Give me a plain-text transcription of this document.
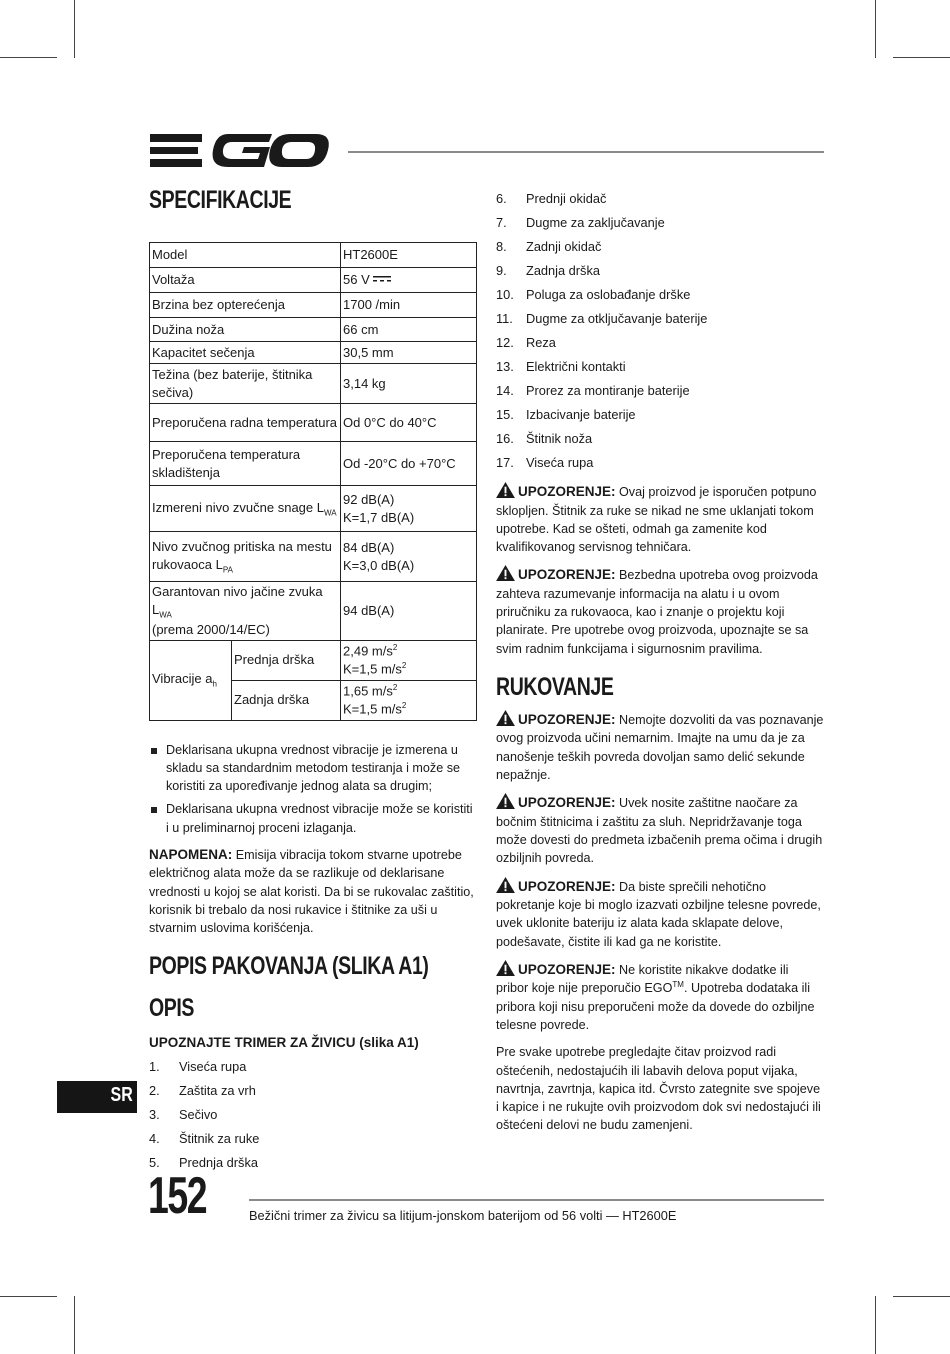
SPECIFIKACIJE
Model		HT2600E
Voltaža		56 V
Brzina bez opterećenja		1700 /min
Dužina noža		66 cm
Kapacitet sečenja		30,5 mm
Težina (bez baterije, štitnika sečiva)		3,14 kg
Preporučena radna temperatura		Od 0°C do 40°C
Preporučena temperatura skladištenja		Od -20°C do +70°C
Izmereni nivo zvučne snage $L_{WA}$		92 dB(A)
K=1,7 dB(A)

Nivo zvučnog pritiska na mestu rukovaoca $L_{PA}$		84 dB(A)
K=3,0 dB(A)

Garantovan nivo jačine zvuka $L_{WA}$
(prema 2000/14/EC)		94 dB(A)
Vibracije $a_h$	Prednja drška	2,49 $m/s^2$
K=1,5 $m/s^2$

	Zadnja drška	1,65 $m/s^2$
K=1,5 $m/s^2$
Deklarisana ukupna vrednost vibracije je izmerena u skladu sa standardnim metodom testiranja i može se koristiti za upoređivanje jednog alata sa drugim;
Deklarisana ukupna vrednost vibracije može se koristiti i u preliminarnoj proceni izlaganja.

NAPOMENA: Emisija vibracija tokom stvarne upotrebe električnog alata može da se razlikuje od deklarisane vrednosti u kojoj se alat koristi. Da bi se rukovalac zaštitio, korisnik bi trebalo da nosi rukavice i štitnike za uši u stvarnim uslovima korišćenja.

POPIS PAKOVANJA (SLIKA A1)
OPIS
UPOZNAJTE TRIMER ZA ŽIVICU (slika A1)
1. Viseća rupa
2. Zaštita za vrh
3. Sečivo
4. Štitnik za ruke
5. Prednja drška
6. Prednji okidač
7. Dugme za zaključavanje
8. Zadnji okidač
9. Zadnja drška
10. Poluga za oslobađanje drške
11. Dugme za otključavanje baterije
12. Reza
13. Električni kontakti
14. Prorez za montiranje baterije
15. Izbacivanje baterije
16. Štitnik noža
17. Viseća rupa

UPOZORENJE: Ovaj proizvod je isporučen potpuno sklopljen. Štitnik za ruke se nikad ne sme uklanjati tokom upotrebe. Kad se ošteti, odmah ga zamenite kod kvalifikovanog servisnog tehničara.

UPOZORENJE: Bezbedna upotreba ovog proizvoda zahteva razumevanje informacija na alatu i u ovom priručniku za rukovaoca, kao i znanje o projektu koji planirate. Pre upotrebe ovog proizvoda, upoznajte se sa svim radnim funkcijama i sigurnosnim pravilima.

RUKOVANJE

UPOZORENJE: Nemojte dozvoliti da vas poznavanje ovog proizvoda učini nemarnim. Imajte na umu da je za nanošenje teških povreda dovoljan samo delić sekunde nepažnje.

UPOZORENJE: Uvek nosite zaštitne naočare za bočnim štitnicima i zaštitu za sluh. Nepridržavanje toga može dovesti do predmeta izbačenih prema očima i drugih ozbiljnih povreda.

UPOZORENJE: Da biste sprečili nehotično pokretanje koje bi moglo izazvati ozbiljne telesne povrede, uvek uklonite bateriju iz alata kada sklapate delove, podešavate, čistite ili kad ga ne koristite.

UPOZORENJE: Ne koristite nikakve dodatke ili pribor koje nije preporučio EGO™. Upotreba dodataka ili pribora koji nisu preporučeni može da dovede do ozbiljne telesne povrede.

Pre svake upotrebe pregledajte čitav proizvod radi oštećenih, nedostajućih ili labavih delova poput vijaka, navrtnja, zavrtnja, kapica itd. Čvrsto zategnite sve spojeve i kapice i ne rukujte ovih proizvodom dok svi nedostajući ili oštećeni delovi ne budu zamenjeni.

SR
152	Bežični trimer za živicu sa litijum-jonskom baterijom od 56 volti — HT2600E
